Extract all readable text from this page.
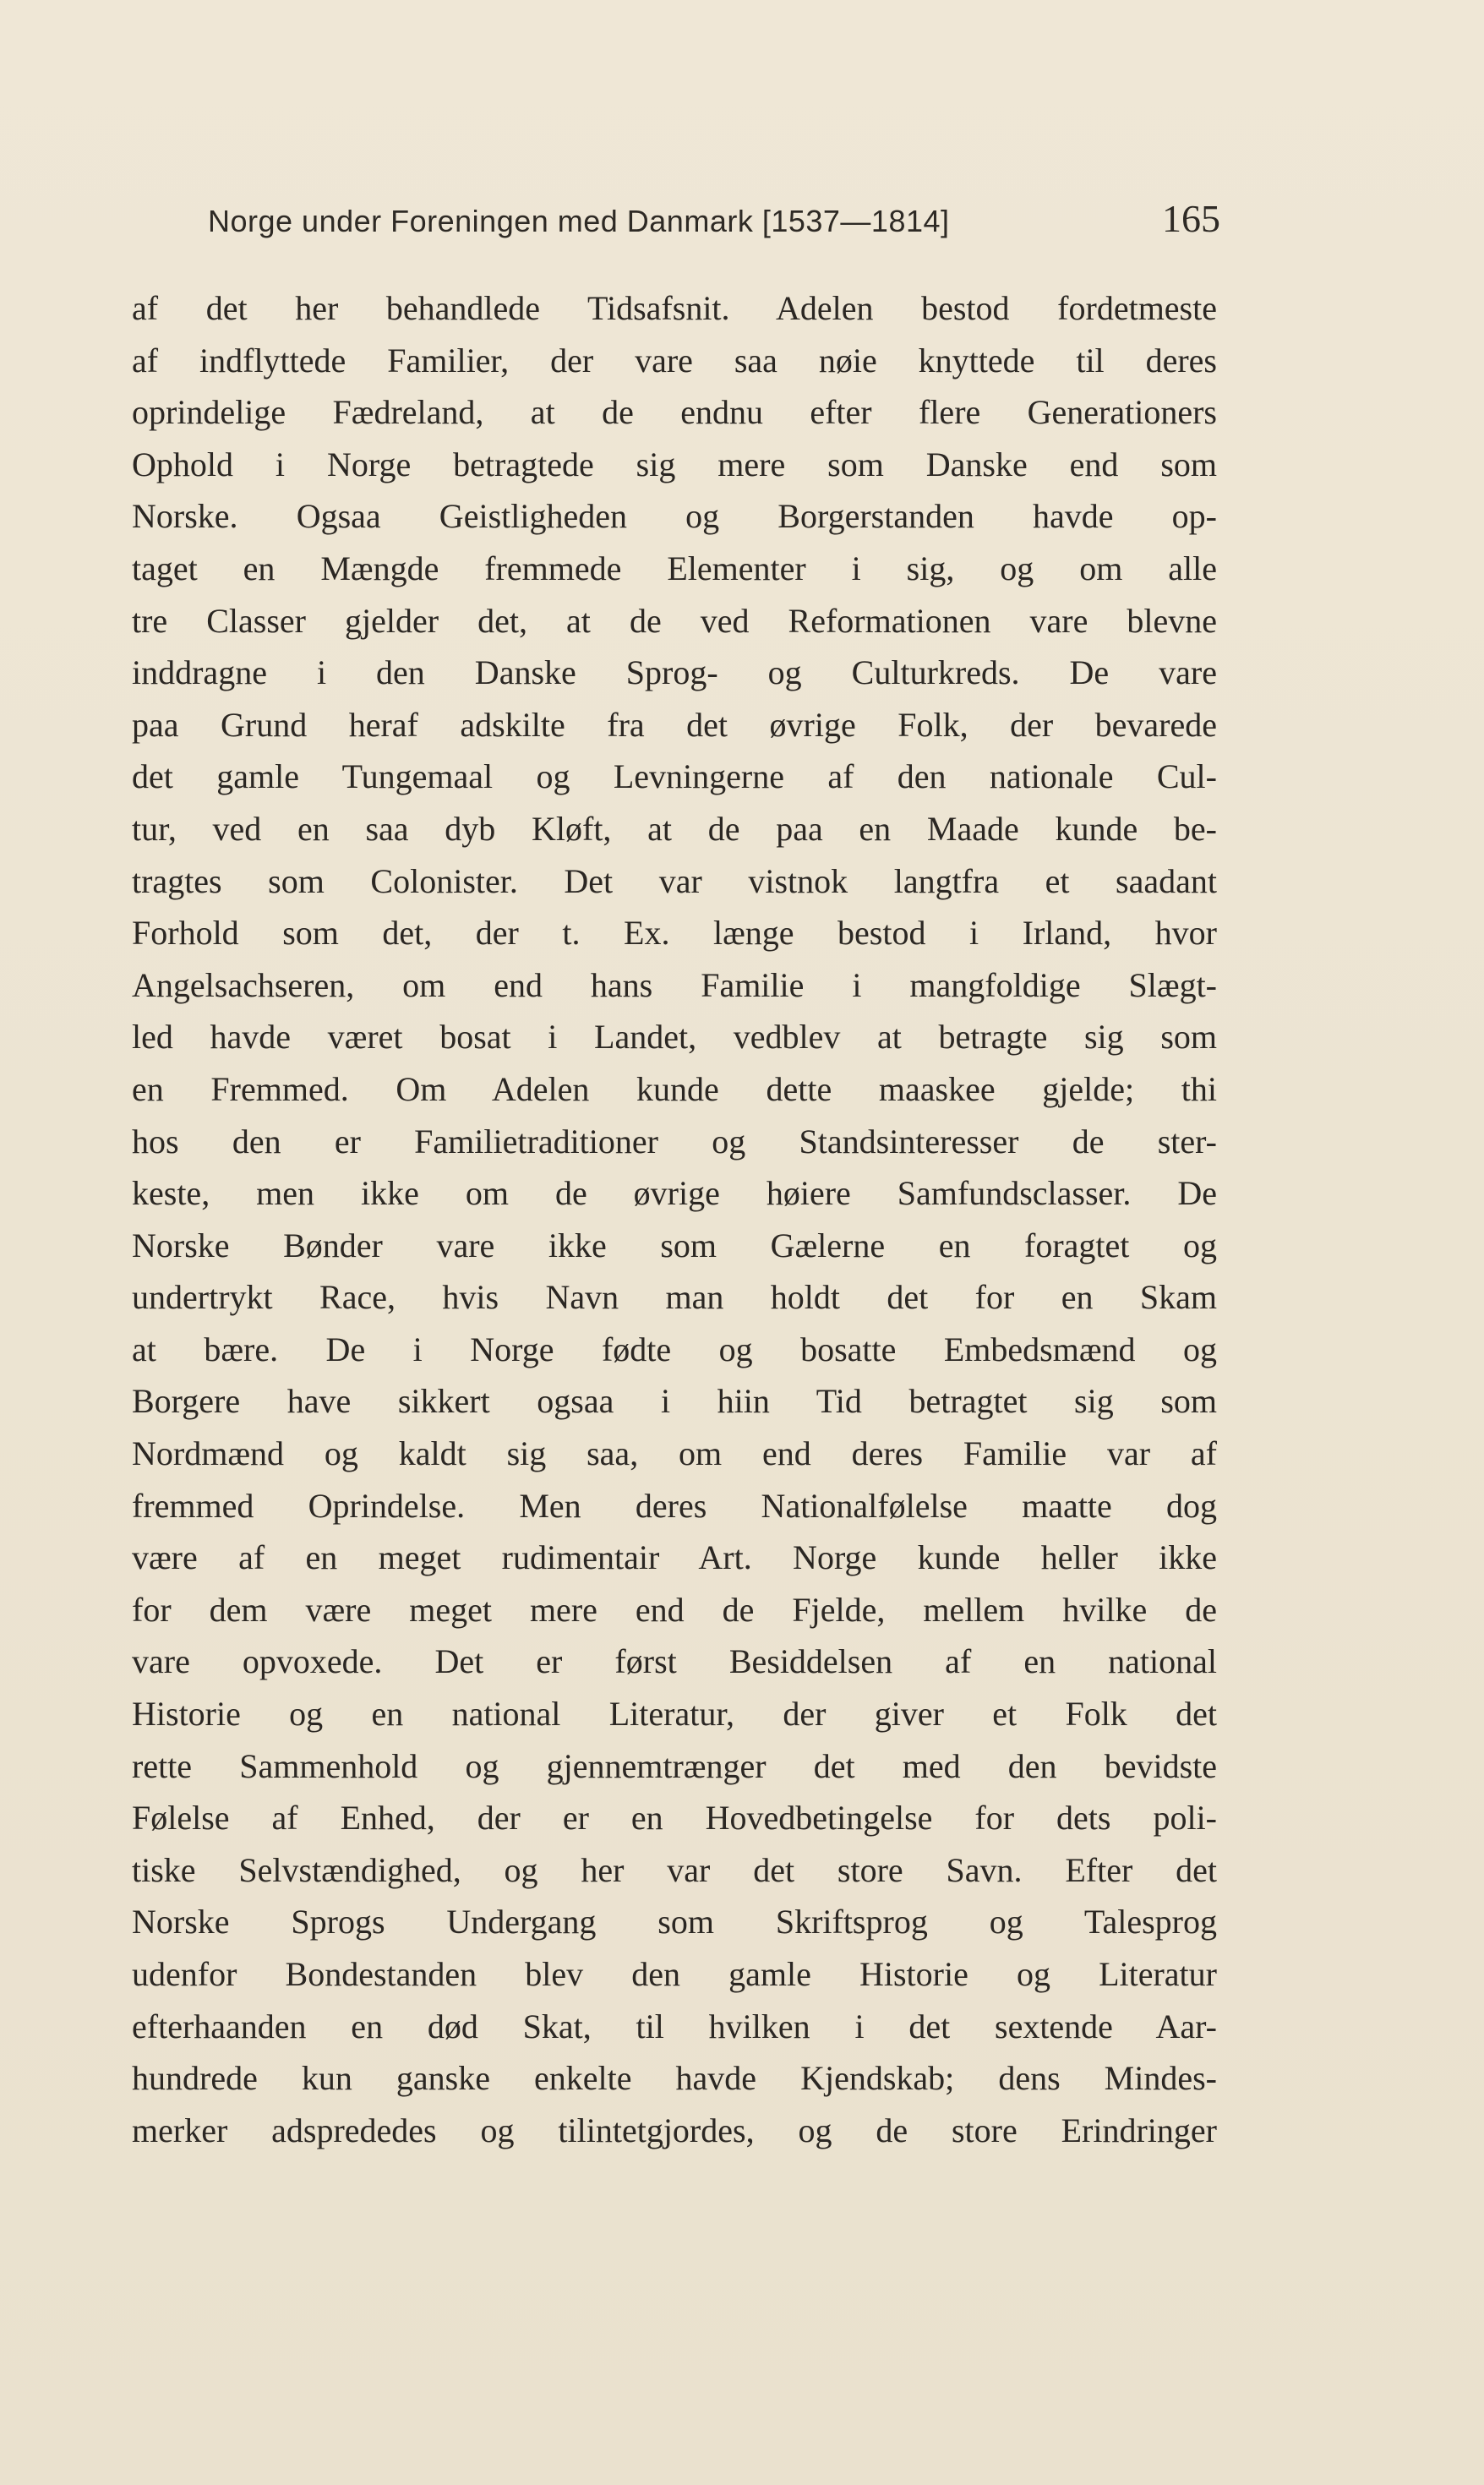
Norge under Foreningen med Danmark [1537—1814]	165
af det her behandlede Tidsafsnit. Adelen bestod fordetmeste
af indflyttede Familier, der vare saa nøie knyttede til deres
oprindelige Fædreland, at de endnu efter flere Generationers
Ophold i Norge betragtede sig mere som Danske end som
Norske. Ogsaa Geistligheden og Borgerstanden havde op-
taget en Mængde fremmede Elementer i sig, og om alle
tre Classer gjelder det, at de ved Reformationen vare blevne
inddragne i den Danske Sprog- og Culturkreds. De vare
paa Grund heraf adskilte fra det øvrige Folk, der bevarede
det gamle Tungemaal og Levningerne af den nationale Cul-
tur, ved en saa dyb Kløft, at de paa en Maade kunde be-
tragtes som Colonister. Det var vistnok langtfra et saadant
Forhold som det, der t. Ex. længe bestod i Irland, hvor
Angelsachseren, om end hans Familie i mangfoldige Slægt-
led havde været bosat i Landet, vedblev at betragte sig som
en Fremmed. Om Adelen kunde dette maaskee gjelde; thi
hos den er Familietraditioner og Standsinteresser de ster-
keste, men ikke om de øvrige høiere Samfundsclasser. De
Norske Bønder vare ikke som Gælerne en foragtet og
undertrykt Race, hvis Navn man holdt det for en Skam
at bære. De i Norge fødte og bosatte Embedsmænd og
Borgere have sikkert ogsaa i hiin Tid betragtet sig som
Nordmænd og kaldt sig saa, om end deres Familie var af
fremmed Oprindelse. Men deres Nationalfølelse maatte dog
være af en meget rudimentair Art. Norge kunde heller ikke
for dem være meget mere end de Fjelde, mellem hvilke de
vare opvoxede. Det er først Besiddelsen af en national
Historie og en national Literatur, der giver et Folk det
rette Sammenhold og gjennemtrænger det med den bevidste
Følelse af Enhed, der er en Hovedbetingelse for dets poli-
tiske Selvstændighed, og her var det store Savn. Efter det
Norske Sprogs Undergang som Skriftsprog og Talesprog
udenfor Bondestanden blev den gamle Historie og Literatur
efterhaanden en død Skat, til hvilken i det sextende Aar-
hundrede kun ganske enkelte havde Kjendskab; dens Mindes-
merker adsprededes og tilintetgjordes, og de store Erindringer
